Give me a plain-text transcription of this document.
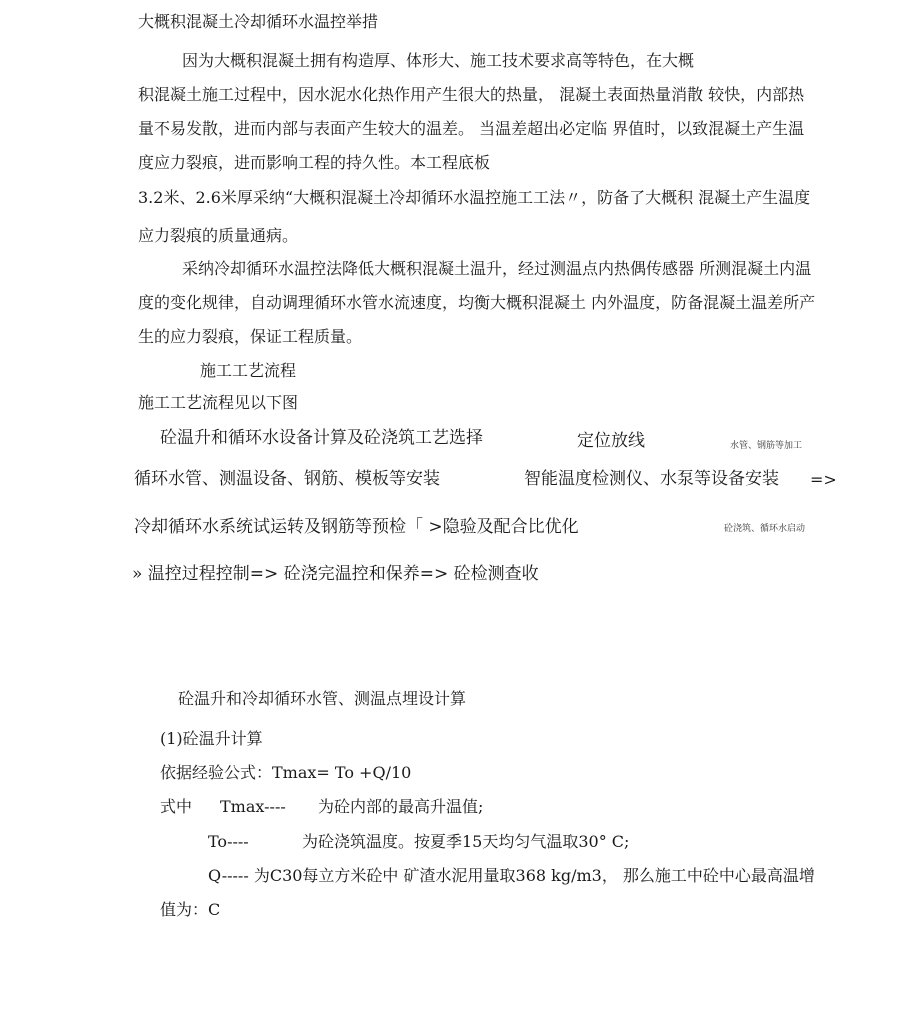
大概积混凝土冷却循环水温控举措
因为大概积混凝土拥有构造厚、体形大、施工技术要求高等特色，在大概
积混凝土施工过程中，因水泥水化热作用产生很大的热量， 混凝土表面热量消散 较快，内部热
量不易发散，进而内部与表面产生较大的温差。 当温差超出必定临 界值时，以致混凝土产生温
度应力裂痕，进而影响工程的持久性。本工程底板
3.2米、2.6米厚采纳“大概积混凝土冷却循环水温控施工工法〃，防备了大概积 混凝土产生温度
应力裂痕的质量通病。
采纳冷却循环水温控法降低大概积混凝土温升，经过测温点内热偶传感器 所测混凝土内温
度的变化规律，自动调理循环水管水流速度，均衡大概积混凝土 内外温度，防备混凝土温差所产
生的应力裂痕，保证工程质量。
施工工艺流程
施工工艺流程见以下图
砼温升和循环水设备计算及砼浇筑工艺选择	定位放线	水管、钢筋等加工
循环水管、测温设备、钢筋、模板等安装	智能温度检测仪、水泵等设备安装 =>
冷却循环水系统试运转及钢筋等预检「 >隐验及配合比优化	砼浇筑、循环水启动
» 温控过程控制=> 砼浇完温控和保养=> 砼检测查收
砼温升和冷却循环水管、测温点埋设计算
(1)砼温升计算
依据经验公式：Tmax= To +Q/10
式中 Tmax---- 为砼内部的最高升温值;
To----	为砼浇筑温度。按夏季15天均匀气温取30° C;
Q----- 为C30每立方米砼中 矿渣水泥用量取368 kg/m3， 那么施工中砼中心最高温增
值为：C
